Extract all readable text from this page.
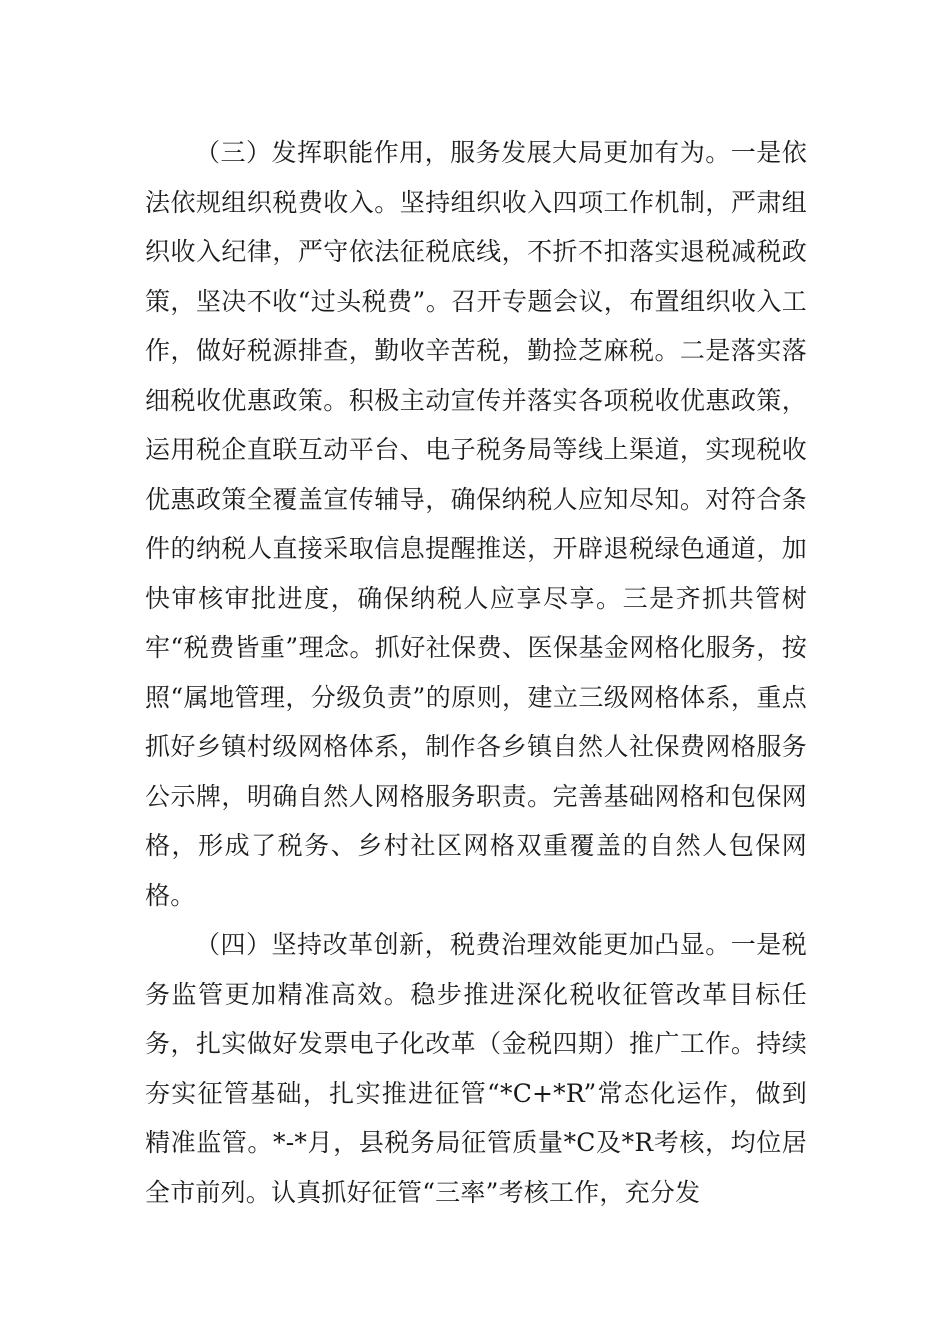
（三）发挥职能作用，服务发展大局更加有为。一是依法依规组织税费收入。坚持组织收入四项工作机制，严肃组织收入纪律，严守依法征税底线，不折不扣落实退税减税政策，坚决不收“过头税费”。召开专题会议，布置组织收入工作，做好税源排查，勤收辛苦税，勤捡芝麻税。二是落实落细税收优惠政策。积极主动宣传并落实各项税收优惠政策，运用税企直联互动平台、电子税务局等线上渠道，实现税收优惠政策全覆盖宣传辅导，确保纳税人应知尽知。对符合条件的纳税人直接采取信息提醒推送，开辟退税绿色通道，加快审核审批进度，确保纳税人应享尽享。三是齐抓共管树牢“税费皆重”理念。抓好社保费、医保基金网格化服务，按照“属地管理，分级负责”的原则，建立三级网格体系，重点抓好乡镇村级网格体系，制作各乡镇自然人社保费网格服务公示牌，明确自然人网格服务职责。完善基础网格和包保网格，形成了税务、乡村社区网格双重覆盖的自然人包保网格。

（四）坚持改革创新，税费治理效能更加凸显。一是税务监管更加精准高效。稳步推进深化税收征管改革目标任务，扎实做好发票电子化改革（金税四期）推广工作。持续夯实征管基础，扎实推进征管“*C+*R”常态化运作，做到精准监管。*-*月，县税务局征管质量*C及*R考核，均位居全市前列。认真抓好征管“三率”考核工作，充分发
